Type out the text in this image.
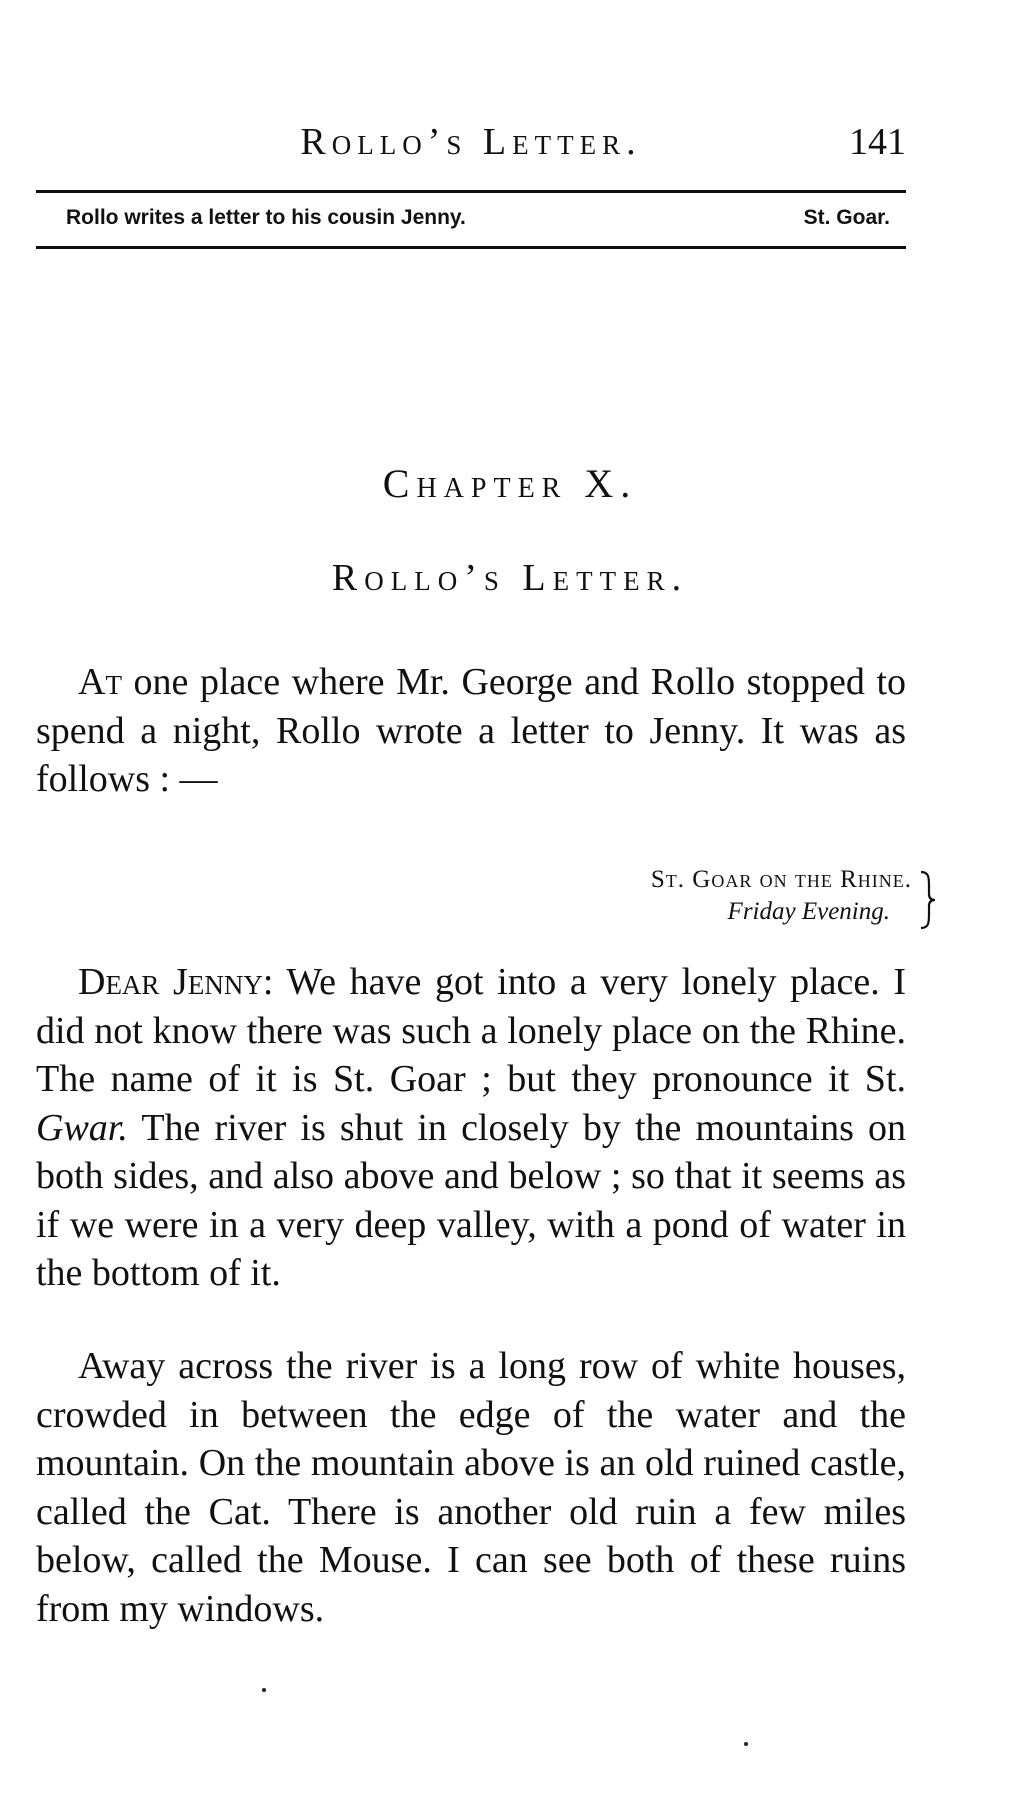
Rollo’s Letter.	141
Rollo writes a letter to his cousin Jenny.	St. Goar.
Chapter X.
Rollo’s Letter.

At one place where Mr. George and Rollo stopped to spend a night, Rollo wrote a letter to Jenny. It was as follows : —

St. Goar on the Rhine.
Friday Evening.

Dear Jenny: We have got into a very lonely place. I did not know there was such a lonely place on the Rhine. The name of it is St. Goar ; but they pronounce it St. Gwar. The river is shut in closely by the mountains on both sides, and also above and below ; so that it seems as if we were in a very deep valley, with a pond of water in the bottom of it.

Away across the river is a long row of white houses, crowded in between the edge of the water and the mountain. On the mountain above is an old ruined castle, called the Cat. There is another old ruin a few miles below, called the Mouse. I can see both of these ruins from my windows.
